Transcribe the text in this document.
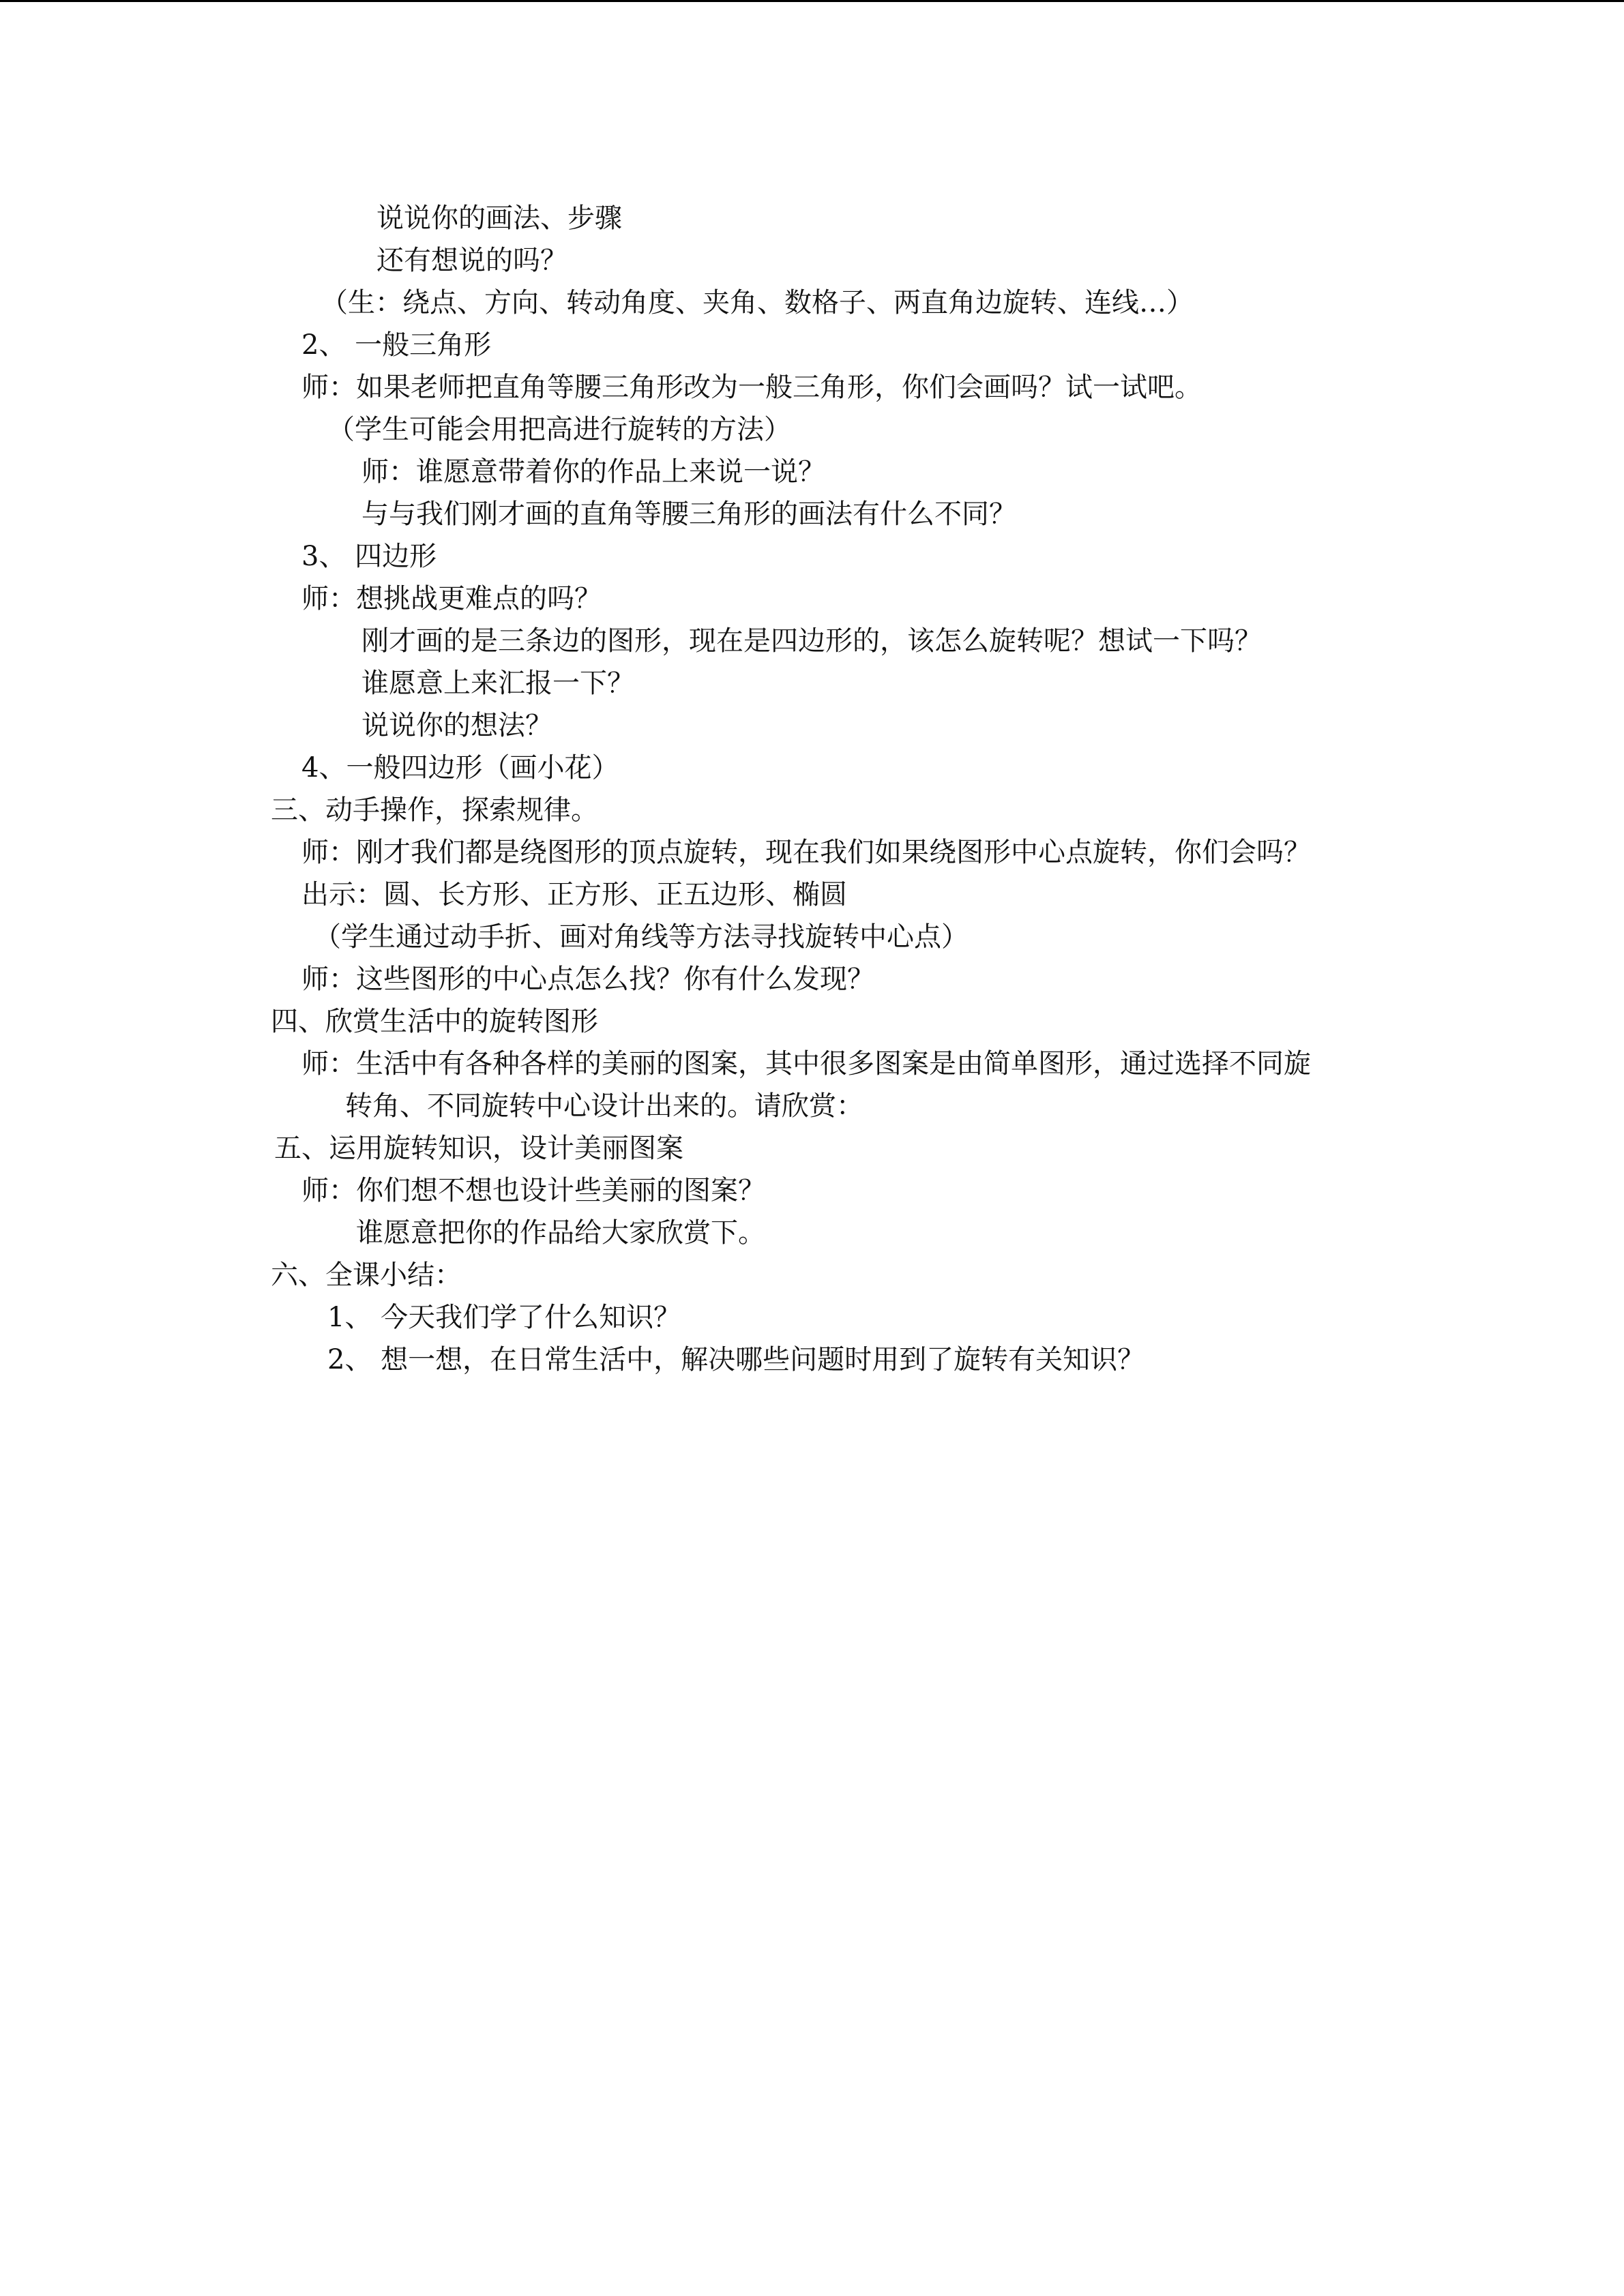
说说你的画法、步骤
还有想说的吗？
（生：绕点、方向、转动角度、夹角、数格子、两直角边旋转、连线…）
2、 一般三角形
师：如果老师把直角等腰三角形改为一般三角形，你们会画吗？试一试吧。
（学生可能会用把高进行旋转的方法）
师：谁愿意带着你的作品上来说一说？
与与我们刚才画的直角等腰三角形的画法有什么不同？
3、 四边形
师：想挑战更难点的吗？
刚才画的是三条边的图形，现在是四边形的，该怎么旋转呢？想试一下吗？
谁愿意上来汇报一下？
说说你的想法？
4、一般四边形（画小花）
三、动手操作，探索规律。
师：刚才我们都是绕图形的顶点旋转，现在我们如果绕图形中心点旋转，你们会吗？
出示：圆、长方形、正方形、正五边形、椭圆
（学生通过动手折、画对角线等方法寻找旋转中心点）
师：这些图形的中心点怎么找？你有什么发现？
四、欣赏生活中的旋转图形
师：生活中有各种各样的美丽的图案，其中很多图案是由简单图形，通过选择不同旋
转角、不同旋转中心设计出来的。请欣赏：
五、运用旋转知识，设计美丽图案
师：你们想不想也设计些美丽的图案？
谁愿意把你的作品给大家欣赏下。
六、全课小结：
1、 今天我们学了什么知识？
2、 想一想，在日常生活中，解决哪些问题时用到了旋转有关知识？
